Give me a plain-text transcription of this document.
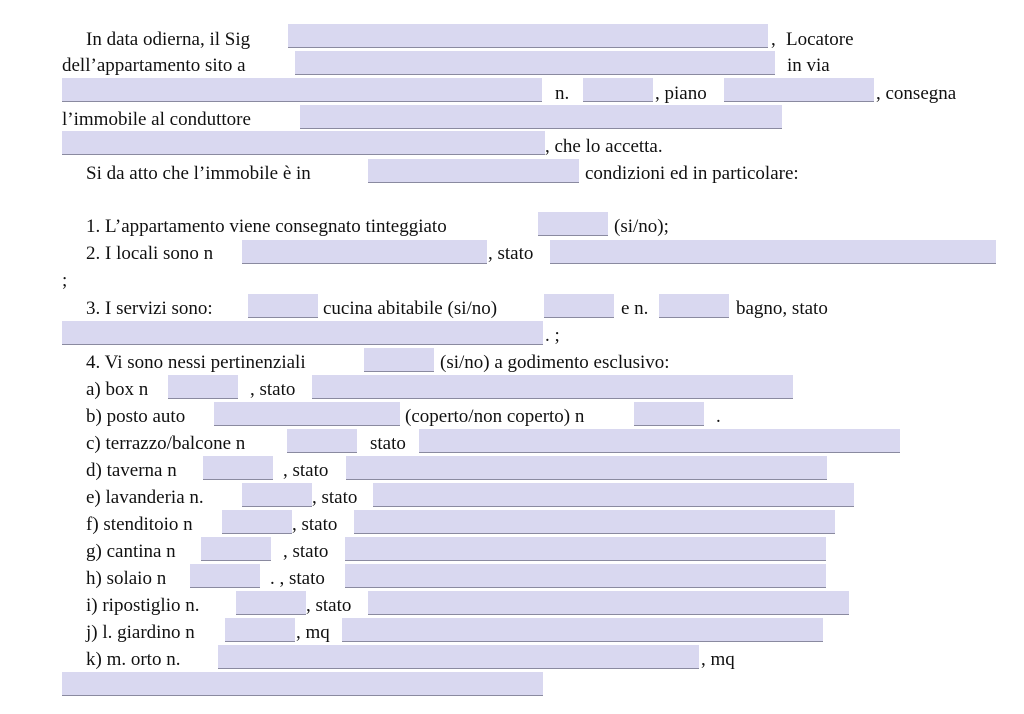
In data odierna, il Sig	, Locatore
dell’appartamento sito a	in via
n.	, piano	, consegna
l’immobile al conduttore
, che lo accetta.
Si da atto che l’immobile è in	condizioni ed in particolare:
1. L’appartamento viene consegnato tinteggiato	(si/no);
2. I locali sono n	, stato
;
3. I servizi sono:	cucina abitabile (si/no)	e n.	bagno, stato
. ;
4. Vi sono nessi pertinenziali	(si/no) a godimento esclusivo:
a) box n	, stato
b) posto auto	(coperto/non coperto) n	.
c) terrazzo/balcone n	stato
d) taverna n	, stato
e) lavanderia n.	, stato
f) stenditoio n	, stato
g) cantina n	, stato
h) solaio n	. , stato
i) ripostiglio n.	, stato
j) l. giardino n	, mq
k) m. orto n.	, mq
